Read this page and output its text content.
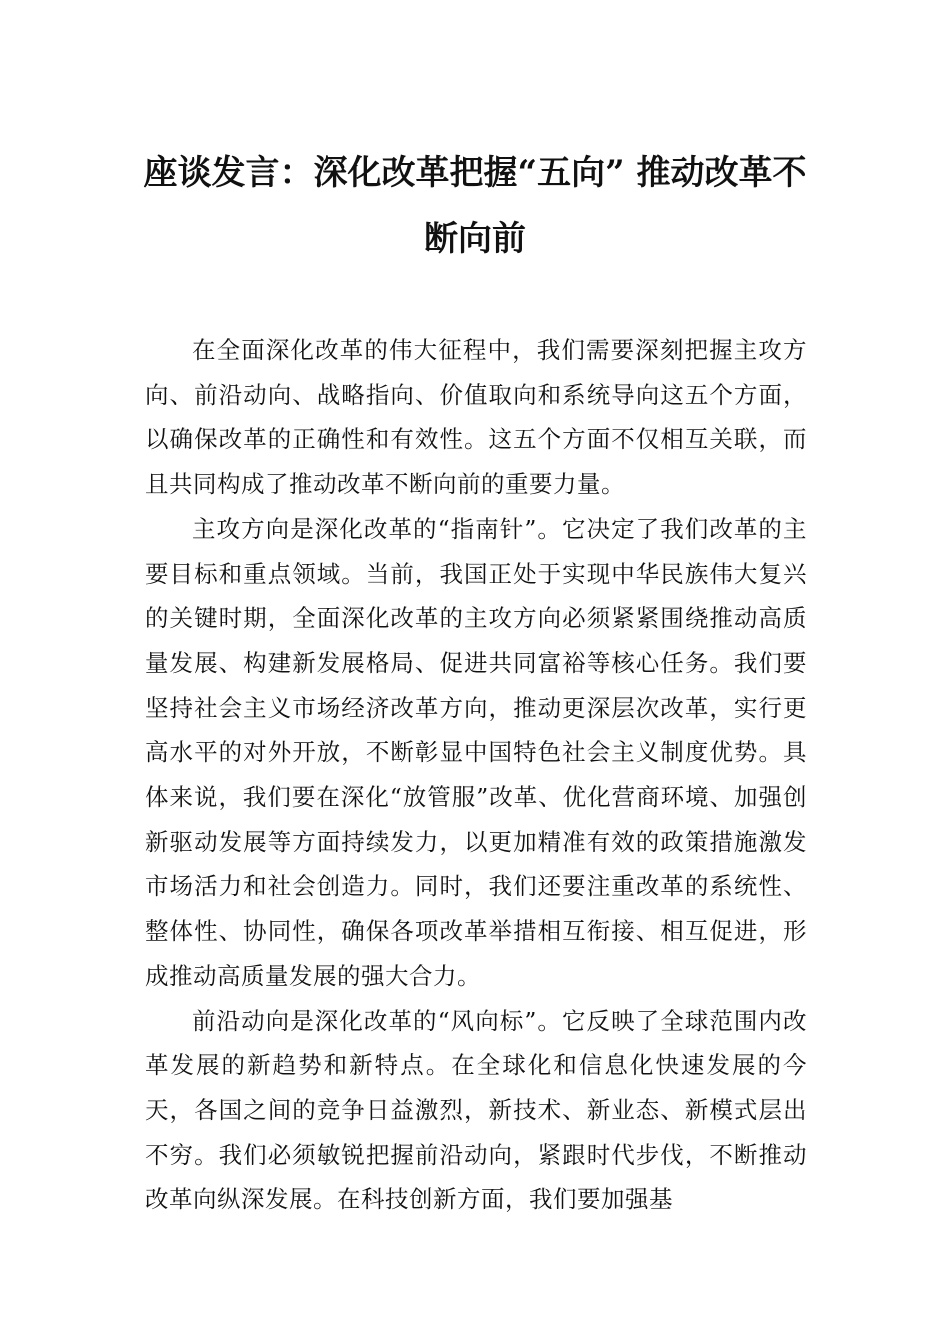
座谈发言：深化改革把握“五向” 推动改革不断向前

在全面深化改革的伟大征程中，我们需要深刻把握主攻方向、前沿动向、战略指向、价值取向和系统导向这五个方面，以确保改革的正确性和有效性。这五个方面不仅相互关联，而且共同构成了推动改革不断向前的重要力量。

主攻方向是深化改革的“指南针”。它决定了我们改革的主要目标和重点领域。当前，我国正处于实现中华民族伟大复兴的关键时期，全面深化改革的主攻方向必须紧紧围绕推动高质量发展、构建新发展格局、促进共同富裕等核心任务。我们要坚持社会主义市场经济改革方向，推动更深层次改革，实行更高水平的对外开放，不断彰显中国特色社会主义制度优势。具体来说，我们要在深化“放管服”改革、优化营商环境、加强创新驱动发展等方面持续发力，以更加精准有效的政策措施激发市场活力和社会创造力。同时，我们还要注重改革的系统性、整体性、协同性，确保各项改革举措相互衔接、相互促进，形成推动高质量发展的强大合力。

前沿动向是深化改革的“风向标”。它反映了全球范围内改革发展的新趋势和新特点。在全球化和信息化快速发展的今天，各国之间的竞争日益激烈，新技术、新业态、新模式层出不穷。我们必须敏锐把握前沿动向，紧跟时代步伐，不断推动改革向纵深发展。在科技创新方面，我们要加强基
